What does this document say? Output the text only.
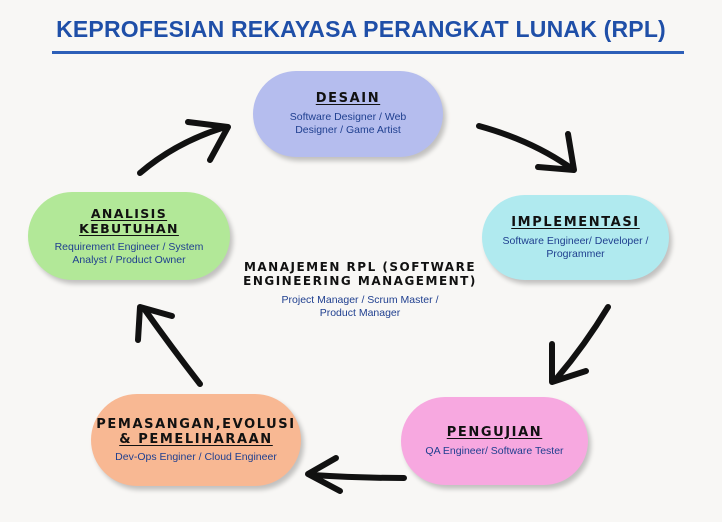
KEPROFESIAN REKAYASA PERANGKAT LUNAK (RPL)
DESAIN
Software Designer / Web Designer / Game Artist
IMPLEMENTASI
Software Engineer/ Developer / Programmer
PENGUJIAN
QA Engineer/ Software Tester
PEMASANGAN,EVOLUSI
& PEMELIHARAAN
Dev-Ops Enginer / Cloud Engineer
ANALISIS KEBUTUHAN
Requirement Engineer / System Analyst / Product Owner
MANAJEMEN RPL (SOFTWARE ENGINEERING MANAGEMENT)
Project Manager / Scrum Master / Product Manager
